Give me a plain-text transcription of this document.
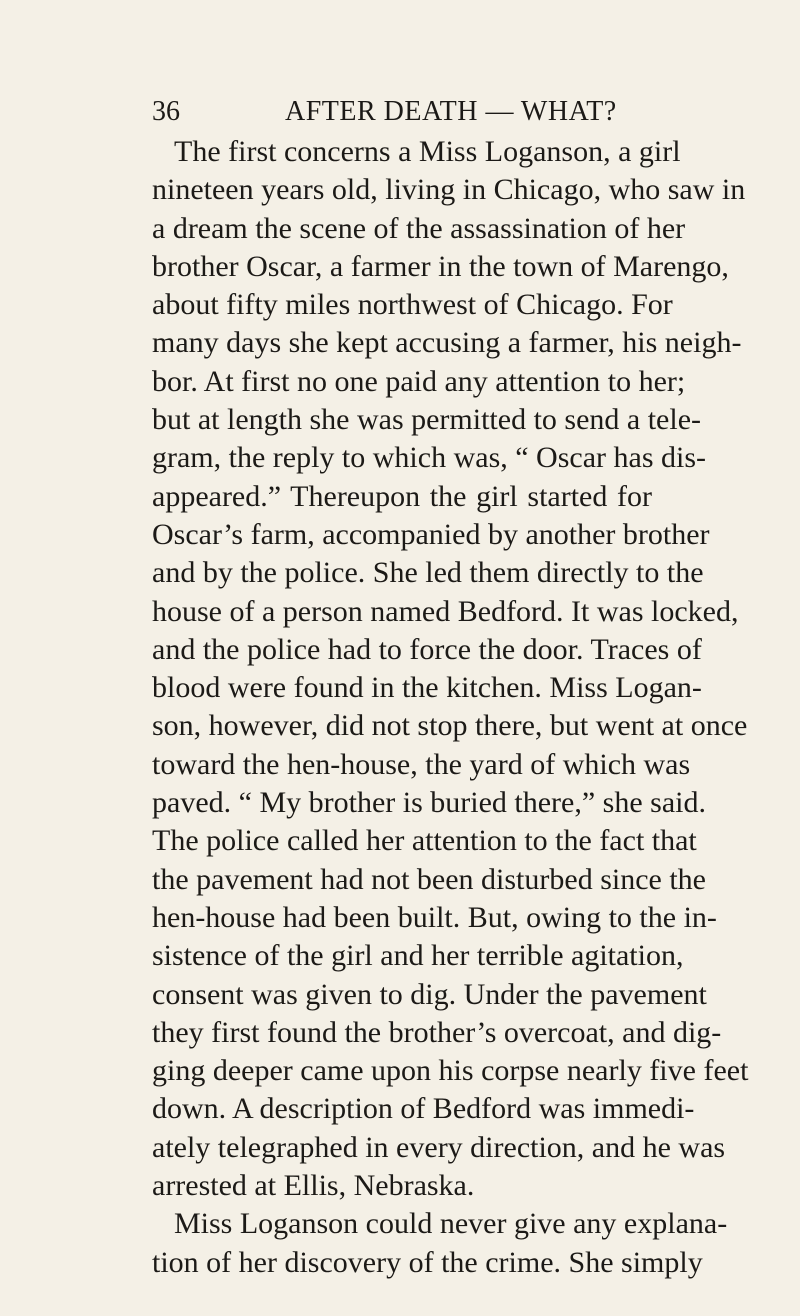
36	AFTER DEATH — WHAT?
The first concerns a Miss Loganson, a girl
nineteen years old, living in Chicago, who saw in
a dream the scene of the assassination of her
brother Oscar, a farmer in the town of Marengo,
about fifty miles northwest of Chicago. For
many days she kept accusing a farmer, his neigh-
bor. At first no one paid any attention to her;
but at length she was permitted to send a tele-
gram, the reply to which was, “ Oscar has dis-
appeared.” Thereupon the girl started for
Oscar’s farm, accompanied by another brother
and by the police. She led them directly to the
house of a person named Bedford. It was locked,
and the police had to force the door. Traces of
blood were found in the kitchen. Miss Logan-
son, however, did not stop there, but went at once
toward the hen-house, the yard of which was
paved. “ My brother is buried there,” she said.
The police called her attention to the fact that
the pavement had not been disturbed since the
hen-house had been built. But, owing to the in-
sistence of the girl and her terrible agitation,
consent was given to dig. Under the pavement
they first found the brother’s overcoat, and dig-
ging deeper came upon his corpse nearly five feet
down. A description of Bedford was immedi-
ately telegraphed in every direction, and he was
arrested at Ellis, Nebraska.
Miss Loganson could never give any explana-
tion of her discovery of the crime. She simply
